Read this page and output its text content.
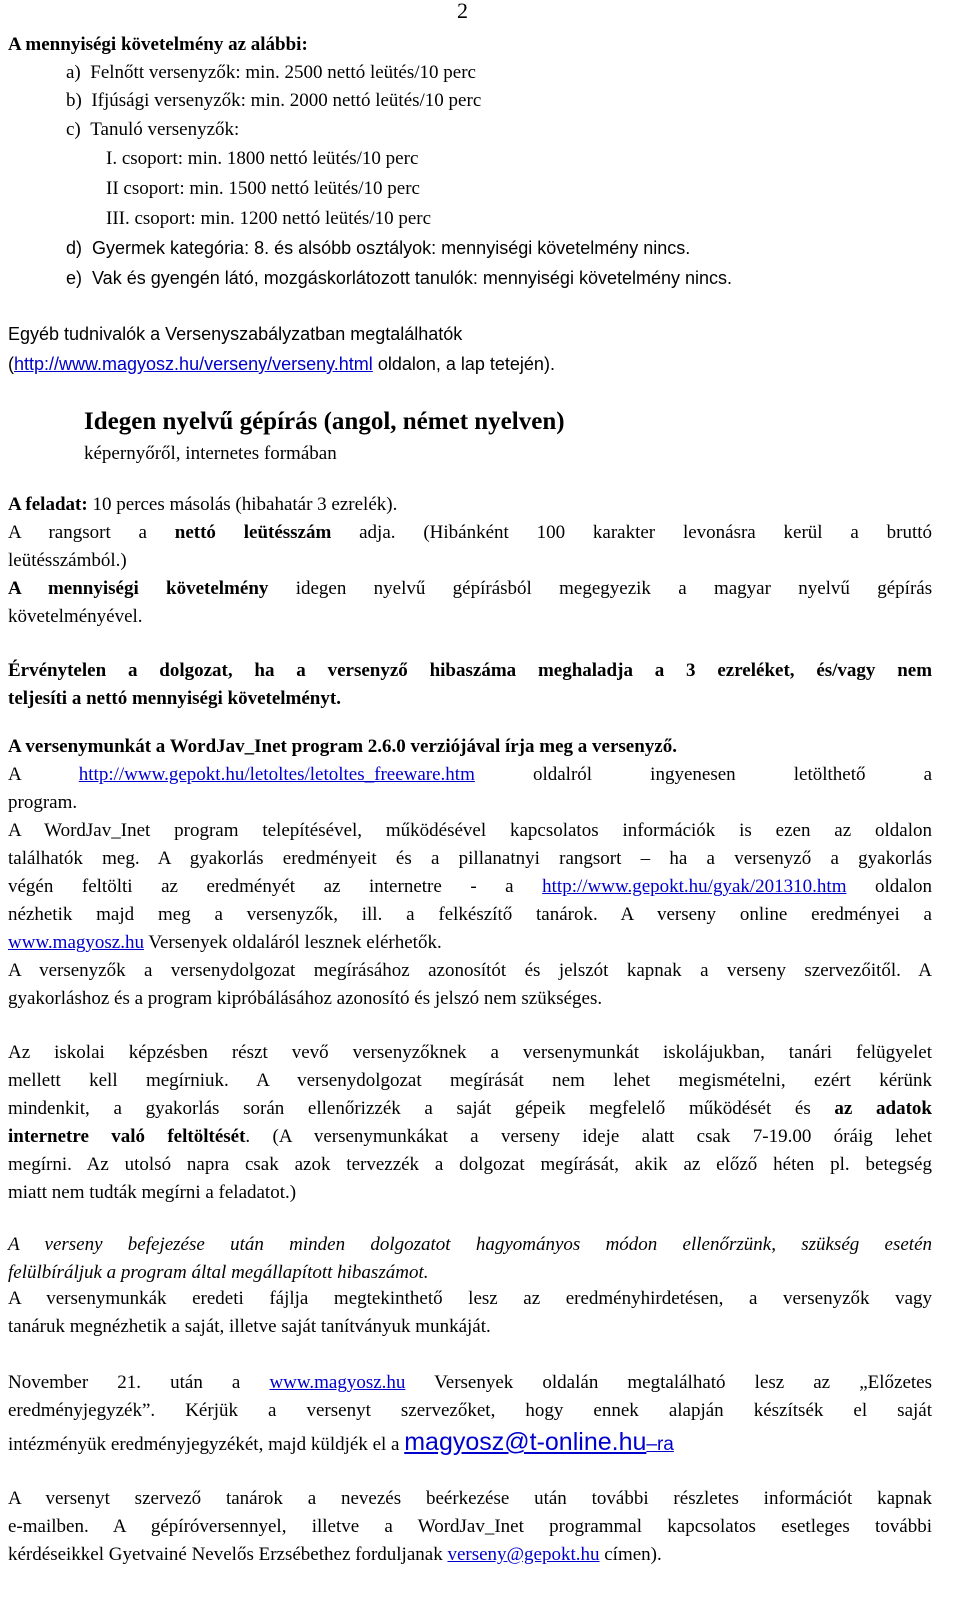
2
A mennyiségi követelmény az alábbi:
a)  Felnőtt versenyzők: min. 2500 nettó leütés/10 perc
b)  Ifjúsági versenyzők: min. 2000 nettó leütés/10 perc
c)  Tanuló versenyzők:
I. csoport: min. 1800 nettó leütés/10 perc
II csoport: min. 1500 nettó leütés/10 perc
III. csoport: min. 1200 nettó leütés/10 perc
d)  Gyermek kategória: 8. és alsóbb osztályok: mennyiségi követelmény nincs.
e)  Vak és gyengén látó, mozgáskorlátozott tanulók: mennyiségi követelmény nincs.
Egyéb tudnivalók a Versenyszabályzatban megtalálhatók
(http://www.magyosz.hu/verseny/verseny.html oldalon, a lap tetején).
Idegen nyelvű gépírás (angol, német nyelven)
képernyőről, internetes formában
A feladat: 10 perces másolás (hibahatár 3 ezrelék).
A rangsort a nettó leütésszám adja. (Hibánként 100 karakter levonásra kerül a bruttó
leütésszámból.)
A mennyiségi követelmény idegen nyelvű gépírásból megegyezik a magyar nyelvű gépírás
követelményével.
Érvénytelen a dolgozat, ha a versenyző hibaszáma meghaladja a 3 ezreléket, és/vagy nem
teljesíti a nettó mennyiségi követelményt.
A versenymunkát a WordJav_Inet program 2.6.0 verziójával írja meg a versenyző.
A	http://www.gepokt.hu/letoltes/letoltes_freeware.htm	oldalról	ingyenesen	letölthető	a
program.
A WordJav_Inet program telepítésével, működésével kapcsolatos információk is ezen az oldalon
találhatók meg. A gyakorlás eredményeit és a pillanatnyi rangsort – ha a versenyző a gyakorlás
végén feltölti az eredményét az internetre - a http://www.gepokt.hu/gyak/201310.htm oldalon
nézhetik majd meg a versenyzők, ill. a felkészítő tanárok. A verseny online eredményei a
www.magyosz.hu Versenyek oldaláról lesznek elérhetők.
A versenyzők a versenydolgozat megírásához azonosítót és jelszót kapnak a verseny szervezőitől. A
gyakorláshoz és a program kipróbálásához azonosító és jelszó nem szükséges.
Az iskolai képzésben részt vevő versenyzőknek a versenymunkát iskolájukban, tanári felügyelet
mellett kell megírniuk. A versenydolgozat megírását nem lehet megismételni, ezért kérünk
mindenkit, a gyakorlás során ellenőrizzék a saját gépeik megfelelő működését és az adatok
internetre való feltöltését. (A versenymunkákat a verseny ideje alatt csak 7-19.00 óráig lehet
megírni. Az utolsó napra csak azok tervezzék a dolgozat megírását, akik az előző héten pl. betegség
miatt nem tudták megírni a feladatot.)
A verseny befejezése után minden dolgozatot hagyományos módon ellenőrzünk, szükség esetén
felülbíráljuk a program által megállapított hibaszámot.
A versenymunkák eredeti fájlja megtekinthető lesz az eredményhirdetésen, a versenyzők vagy
tanáruk megnézhetik a saját, illetve saját tanítványuk munkáját.
November 21. után a www.magyosz.hu Versenyek oldalán megtalálható lesz az „Előzetes
eredményjegyzék”. Kérjük a versenyt szervezőket, hogy ennek alapján készítsék el saját
intézményük eredményjegyzékét, majd küldjék el a magyosz@t-online.hu–ra
A versenyt szervező tanárok a nevezés beérkezése után további részletes információt kapnak
e-mailben. A gépíróversennyel, illetve a WordJav_Inet programmal kapcsolatos esetleges további
kérdéseikkel Gyetvainé Nevelős Erzsébethez forduljanak verseny@gepokt.hu címen).
